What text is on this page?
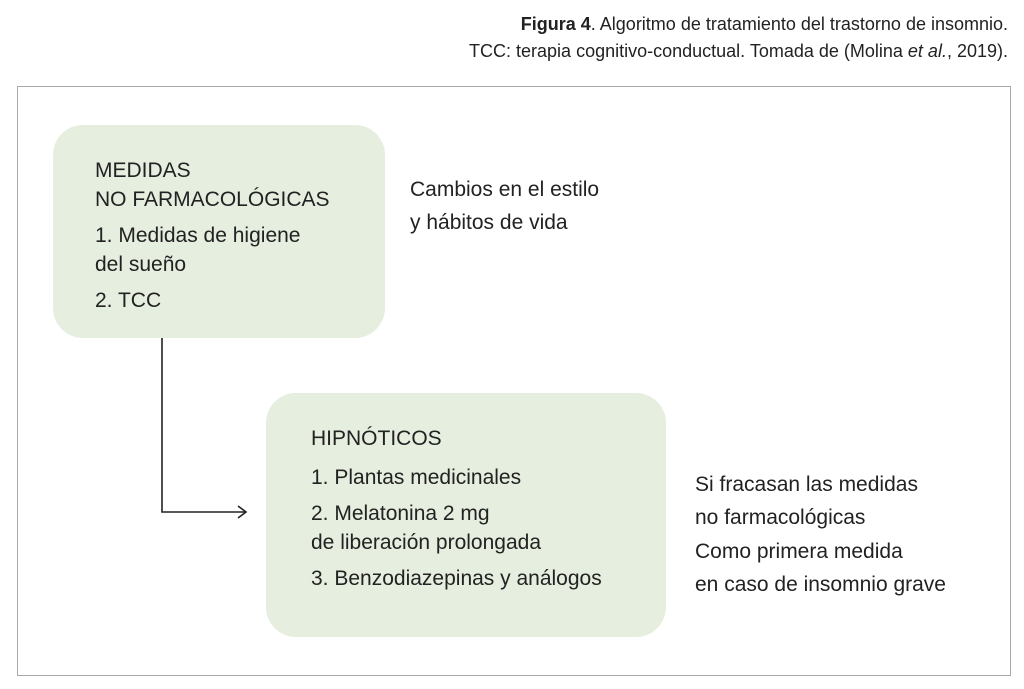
Figura 4. Algoritmo de tratamiento del trastorno de insomnio.
TCC: terapia cognitivo-conductual. Tomada de (Molina et al., 2019).
MEDIDAS
NO FARMACOLÓGICAS
1. Medidas de higiene
del sueño
2. TCC
Cambios en el estilo
y hábitos de vida
HIPNÓTICOS
1. Plantas medicinales
2. Melatonina 2 mg
de liberación prolongada
3. Benzodiazepinas y análogos
Si fracasan las medidas
no farmacológicas
Como primera medida
en caso de insomnio grave
